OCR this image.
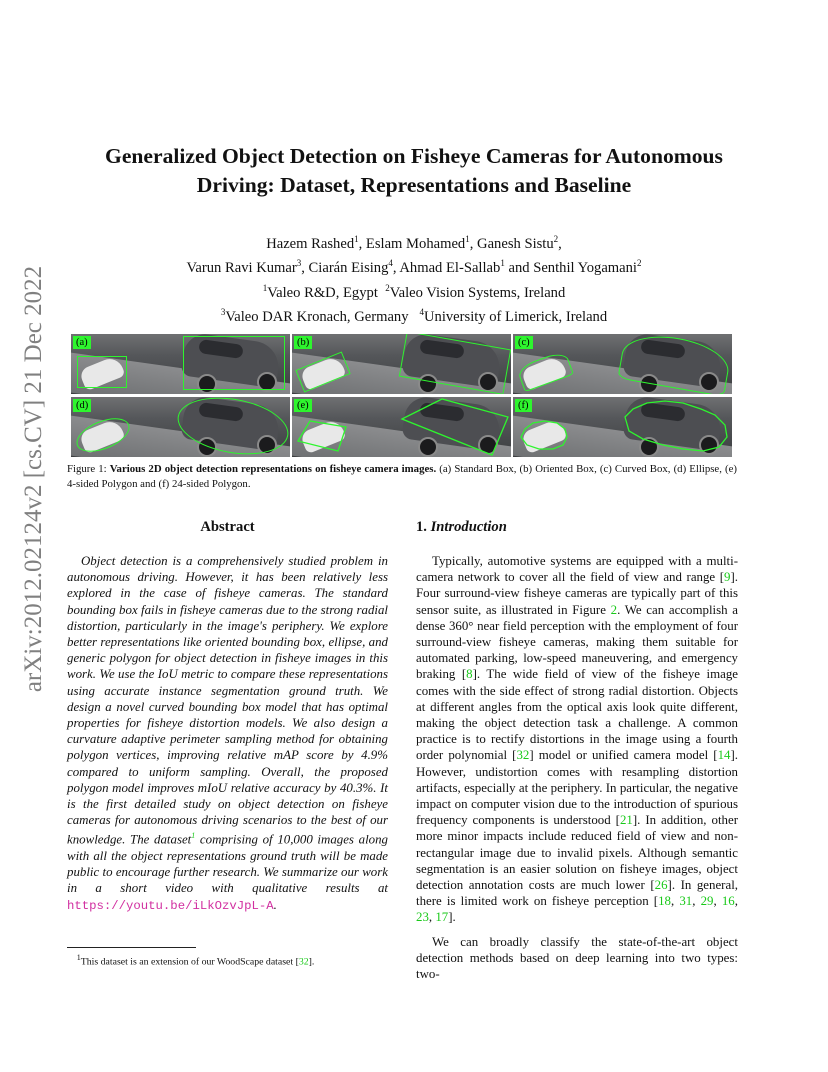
arXiv:2012.02124v2 [cs.CV] 21 Dec 2022
Generalized Object Detection on Fisheye Cameras for Autonomous
Driving: Dataset, Representations and Baseline
Hazem Rashed$^1$, Eslam Mohamed$^1$, Ganesh Sistu$^2$,
Varun Ravi Kumar$^3$, Ciarán Eising$^4$, Ahmad El-Sallab$^1$ and Senthil Yogamani$^2$
$^1$Valeo R&D, Egypt $^2$Valeo Vision Systems, Ireland
$^3$Valeo DAR Kronach, Germany $^4$University of Limerick, Ireland
(a)	(b)	(c)
(d)	(e)	(f)
Figure 1: Various 2D object detection representations on fisheye camera images. (a) Standard Box, (b) Oriented Box, (c) Curved Box, (d) Ellipse, (e) 4-sided Polygon and (f) 24-sided Polygon.
Abstract
Object detection is a comprehensively studied problem in autonomous driving. However, it has been relatively less explored in the case of fisheye cameras. The standard bounding box fails in fisheye cameras due to the strong radial distortion, particularly in the image's periphery. We explore better representations like oriented bounding box, ellipse, and generic polygon for object detection in fisheye images in this work. We use the IoU metric to compare these representations using accurate instance segmentation ground truth. We design a novel curved bounding box model that has optimal properties for fisheye distortion models. We also design a curvature adaptive perimeter sampling method for obtaining polygon vertices, improving relative mAP score by 4.9% compared to uniform sampling. Overall, the proposed polygon model improves mIoU relative accuracy by 40.3%. It is the first detailed study on object detection on fisheye cameras for autonomous driving scenarios to the best of our knowledge. The dataset$^1$ comprising of 10,000 images along with all the object representations ground truth will be made public to encourage further research. We summarize our work in a short video with qualitative results at https://youtu.be/iLkOzvJpL-A.
$^1$This dataset is an extension of our WoodScape dataset [32].
1. Introduction
Typically, automotive systems are equipped with a multi-camera network to cover all the field of view and range [9]. Four surround-view fisheye cameras are typically part of this sensor suite, as illustrated in Figure 2. We can accomplish a dense 360° near field perception with the employment of four surround-view fisheye cameras, making them suitable for automated parking, low-speed maneuvering, and emergency braking [8]. The wide field of view of the fisheye image comes with the side effect of strong radial distortion. Objects at different angles from the optical axis look quite different, making the object detection task a challenge. A common practice is to rectify distortions in the image using a fourth order polynomial [32] model or unified camera model [14]. However, undistortion comes with resampling distortion artifacts, especially at the periphery. In particular, the negative impact on computer vision due to the introduction of spurious frequency components is understood [21]. In addition, other more minor impacts include reduced field of view and non-rectangular image due to invalid pixels. Although semantic segmentation is an easier solution on fisheye images, object detection annotation costs are much lower [26]. In general, there is limited work on fisheye perception [18, 31, 29, 16, 23, 17].
We can broadly classify the state-of-the-art object detection methods based on deep learning into two types: two-
